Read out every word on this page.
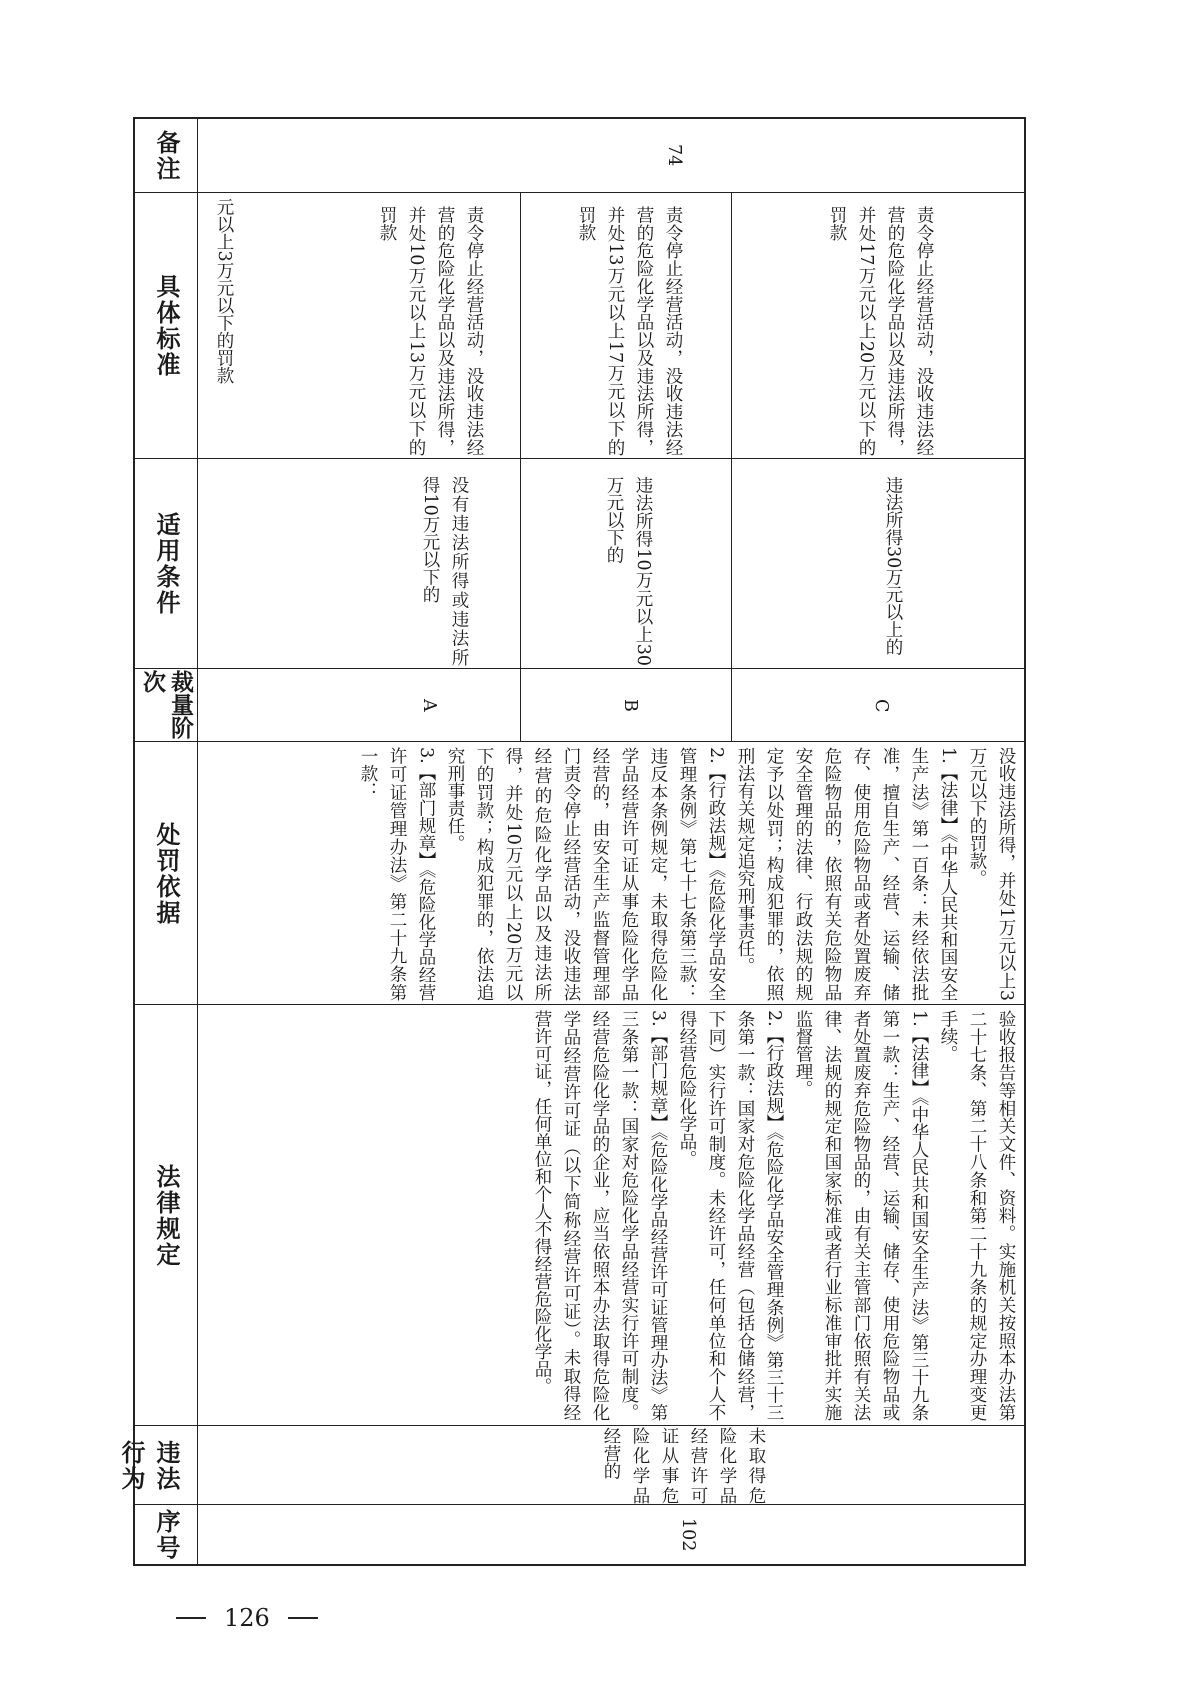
序号
违法行为
法律规定
处罚依据
裁量阶次
适用条件
具体标准
备注
102
未取得危险化学品经营许可证从事危险化学品经营的
验收报告等相关文件、资料。实施机关按照本办法第二十七条、第二十八条和第二十九条的规定办理变更手续。
1.【法律】《中华人民共和国安全生产法》第三十九条第一款：生产、经营、运输、储存、使用危险物品或者处置废弃危险物品的，由有关主管部门依照有关法律、法规的规定和国家标准或者行业标准审批并实施监督管理。
2.【行政法规】《危险化学品安全管理条例》第三十三条第一款：国家对危险化学品经营（包括仓储经营，下同）实行许可制度。未经许可，任何单位和个人不得经营危险化学品。
3.【部门规章】《危险化学品经营许可证管理办法》第三条第一款：国家对危险化学品经营实行许可制度。经营危险化学品的企业，应当依照本办法取得危险化学品经营许可证（以下简称经营许可证）。未取得经营许可证，任何单位和个人不得经营危险化学品。
没收违法所得，并处1万元以上3万元以下的罚款。
1.【法律】《中华人民共和国安全生产法》第一百条：未经依法批准，擅自生产、经营、运输、储存、使用危险物品或者处置废弃危险物品的，依照有关危险物品安全管理的法律、行政法规的规定予以处罚；构成犯罪的，依照刑法有关规定追究刑事责任。
2.【行政法规】《危险化学品安全管理条例》第七十七条第三款：违反本条例规定，未取得危险化学品经营许可证从事危险化学品经营的，由安全生产监督管理部门责令停止经营活动，没收违法经营的危险化学品以及违法所得，并处10万元以上20万元以下的罚款；构成犯罪的，依法追究刑事责任。
3.【部门规章】《危险化学品经营许可证管理办法》第二十九条第一款：
元以上3万元以下的罚款
A
没有违法所得或违法所得10万元以下的
责令停止经营活动，没收违法经营的危险化学品以及违法所得，并处10万元以上13万元以下的罚款
B
违法所得10万元以上30万元以下的
责令停止经营活动，没收违法经营的危险化学品以及违法所得，并处13万元以上17万元以下的罚款
C
违法所得30万元以上的
责令停止经营活动，没收违法经营的危险化学品以及违法所得，并处17万元以上20万元以下的罚款
74
126
